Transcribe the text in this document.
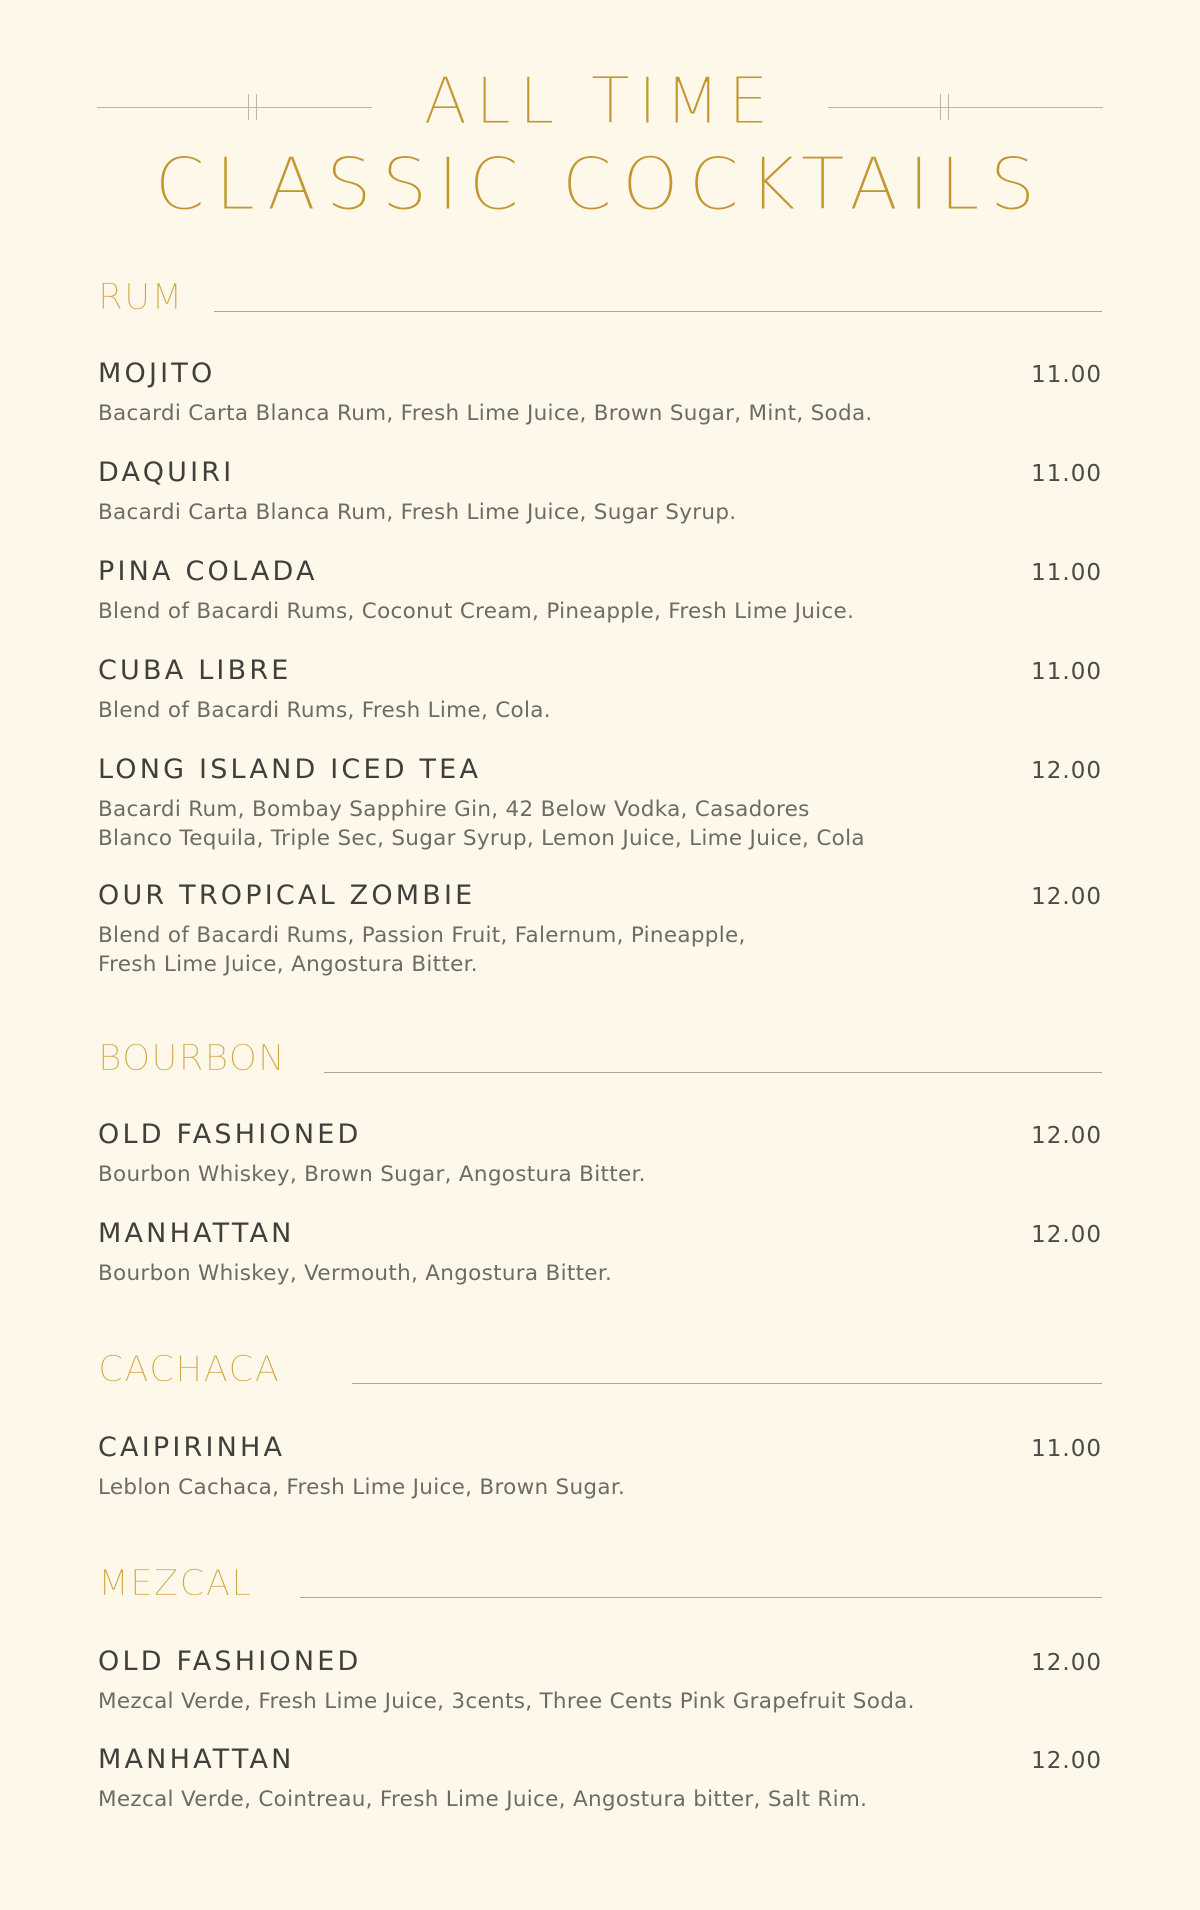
ALL TIME
CLASSIC COCKTAILS
RUM
MOJITO	11.00
Bacardi Carta Blanca Rum, Fresh Lime Juice, Brown Sugar, Mint, Soda.
DAQUIRI	11.00
Bacardi Carta Blanca Rum, Fresh Lime Juice, Sugar Syrup.
PINA COLADA	11.00
Blend of Bacardi Rums, Coconut Cream, Pineapple, Fresh Lime Juice.
CUBA LIBRE	11.00
Blend of Bacardi Rums, Fresh Lime, Cola.
LONG ISLAND ICED TEA	12.00
Bacardi Rum, Bombay Sapphire Gin, 42 Below Vodka, Casadores
Blanco Tequila, Triple Sec, Sugar Syrup, Lemon Juice, Lime Juice, Cola
OUR TROPICAL ZOMBIE	12.00
Blend of Bacardi Rums, Passion Fruit, Falernum, Pineapple,
Fresh Lime Juice, Angostura Bitter.
BOURBON
OLD FASHIONED	12.00
Bourbon Whiskey, Brown Sugar, Angostura Bitter.
MANHATTAN	12.00
Bourbon Whiskey, Vermouth, Angostura Bitter.
CACHACA
CAIPIRINHA	11.00
Leblon Cachaca, Fresh Lime Juice, Brown Sugar.
MEZCAL
OLD FASHIONED	12.00
Mezcal Verde, Fresh Lime Juice, 3cents, Three Cents Pink Grapefruit Soda.
MANHATTAN	12.00
Mezcal Verde, Cointreau, Fresh Lime Juice, Angostura bitter, Salt Rim.
